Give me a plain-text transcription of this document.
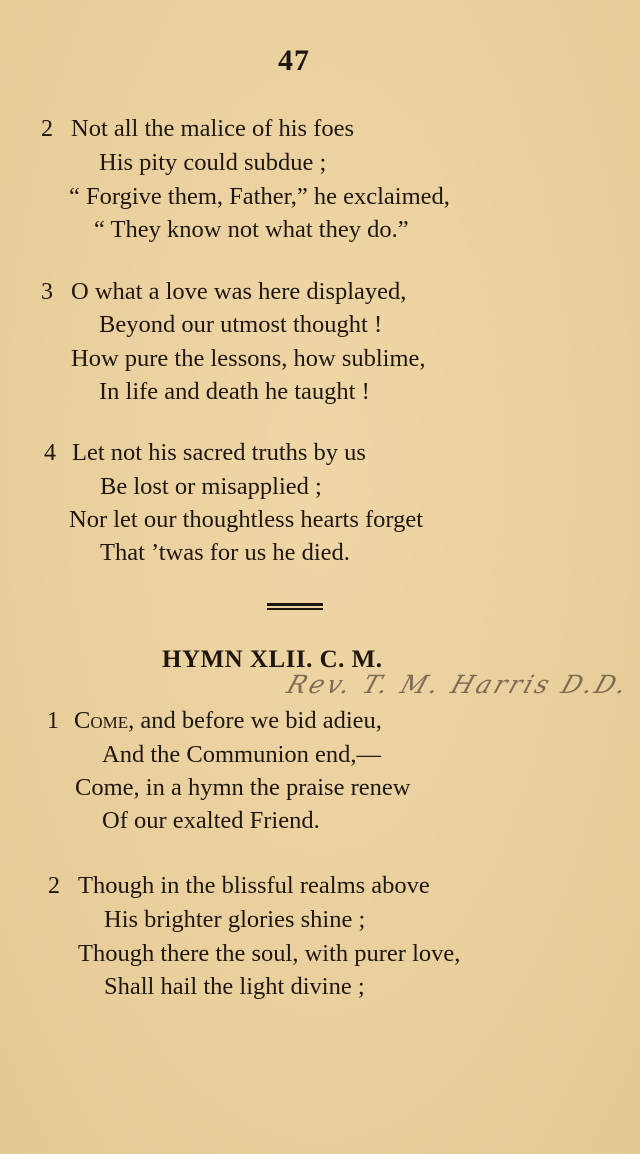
47
2 Not all the malice of his foes
His pity could subdue ;
“ Forgive them, Father,” he exclaimed,
“ They know not what they do.”
3 O what a love was here displayed,
Beyond our utmost thought !
How pure the lessons, how sublime,
In life and death he taught !
4 Let not his sacred truths by us
Be lost or misapplied ;
Nor let our thoughtless hearts forget
That ’twas for us he died.
HYMN XLII. C. M.
Rev. T. M. Harris D.D.
1 Come, and before we bid adieu,
And the Communion end,—
Come, in a hymn the praise renew
Of our exalted Friend.
2 Though in the blissful realms above
His brighter glories shine ;
Though there the soul, with purer love,
Shall hail the light divine ;
